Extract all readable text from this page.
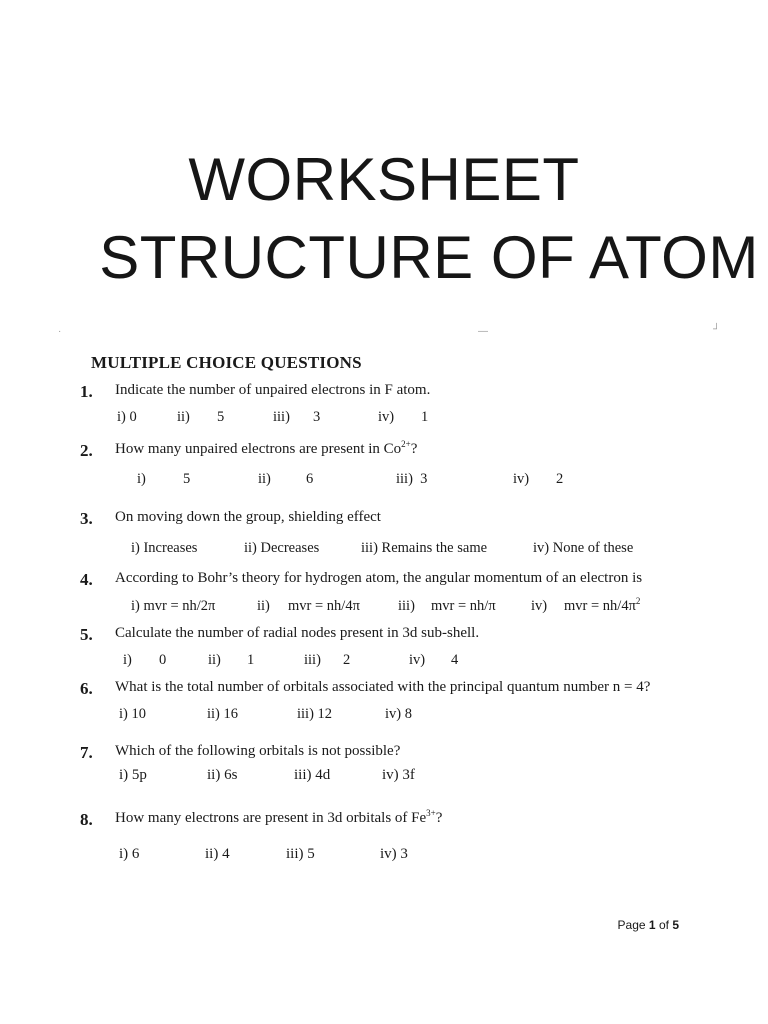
WORKSHEET
STRUCTURE OF ATOM
·	—	┘
MULTIPLE CHOICE QUESTIONS
1. Indicate the number of unpaired electrons in F atom.
i) 0	ii) 5	iii) 3	iv) 1
2. How many unpaired electrons are present in $Co^{2+}$?
i)	5	ii) 6	iii)  3	iv) 2
3. On moving down the group, shielding effect
i) Increases	ii) Decreases	iii) Remains the same	iv) None of these
4. According to Bohr’s theory for hydrogen atom, the angular momentum of an electron is
i) mvr = nh/2π	ii) mvr = nh/4π	iii) mvr = nh/π iv) mvr = $nh/4\pi^2$
5. Calculate the number of radial nodes present in 3d sub-shell.
i) 0	ii) 1	iii) 2	iv) 4
6. What is the total number of orbitals associated with the principal quantum number n = 4?
i) 10	ii) 16	iii) 12	iv) 8
7. Which of the following orbitals is not possible?
i) 5p	ii) 6s	iii) 4d	iv) 3f
8. How many electrons are present in 3d orbitals of $Fe^{3+}$?
i) 6	ii) 4	iii) 5	iv) 3
Page 1 of 5
